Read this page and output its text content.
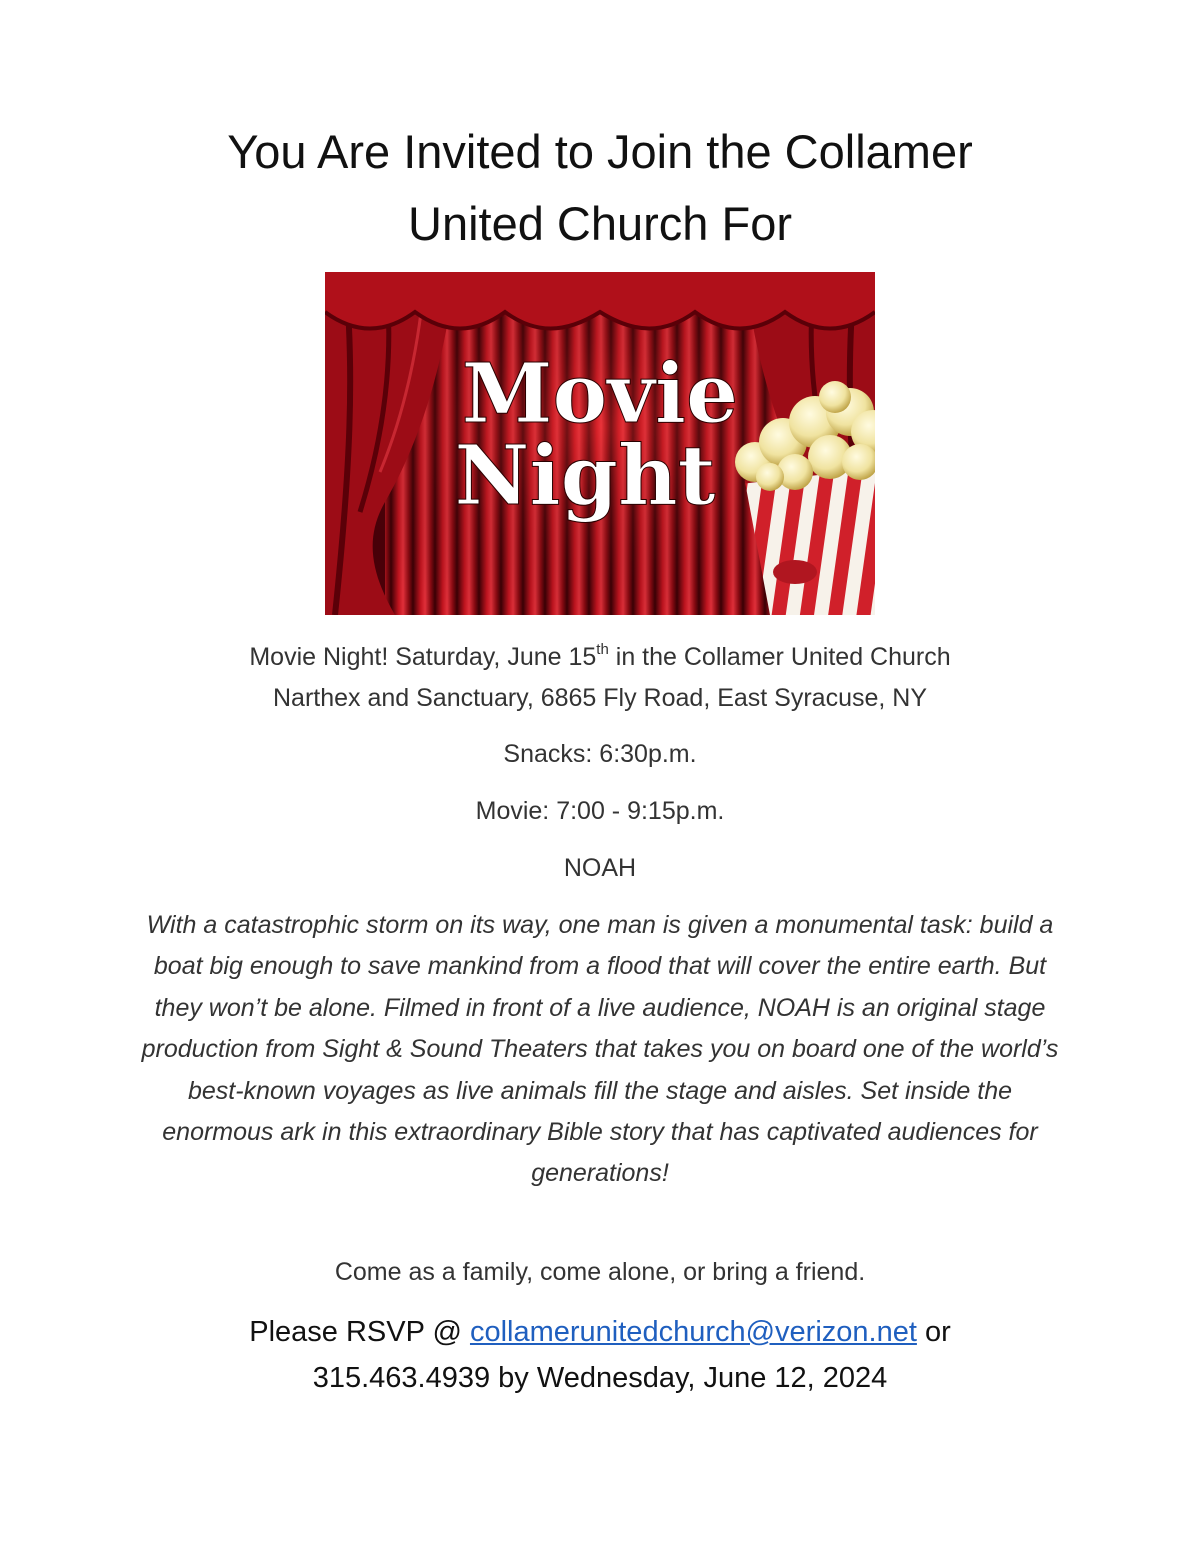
You Are Invited to Join the Collamer
United Church For
Movie
Night

Movie Night! Saturday, June 15th in the Collamer United Church
Narthex and Sanctuary, 6865 Fly Road, East Syracuse, NY

Snacks: 6:30p.m.

Movie: 7:00 - 9:15p.m.

NOAH

With a catastrophic storm on its way, one man is given a monumental task: build a boat big enough to save mankind from a flood that will cover the entire earth. But they won’t be alone. Filmed in front of a live audience, NOAH is an original stage production from Sight & Sound Theaters that takes you on board one of the world’s best-known voyages as live animals fill the stage and aisles. Set inside the enormous ark in this extraordinary Bible story that has captivated audiences for generations!

Come as a family, come alone, or bring a friend.

Please RSVP @ collamerunitedchurch@verizon.net or
315.463.4939 by Wednesday, June 12, 2024
